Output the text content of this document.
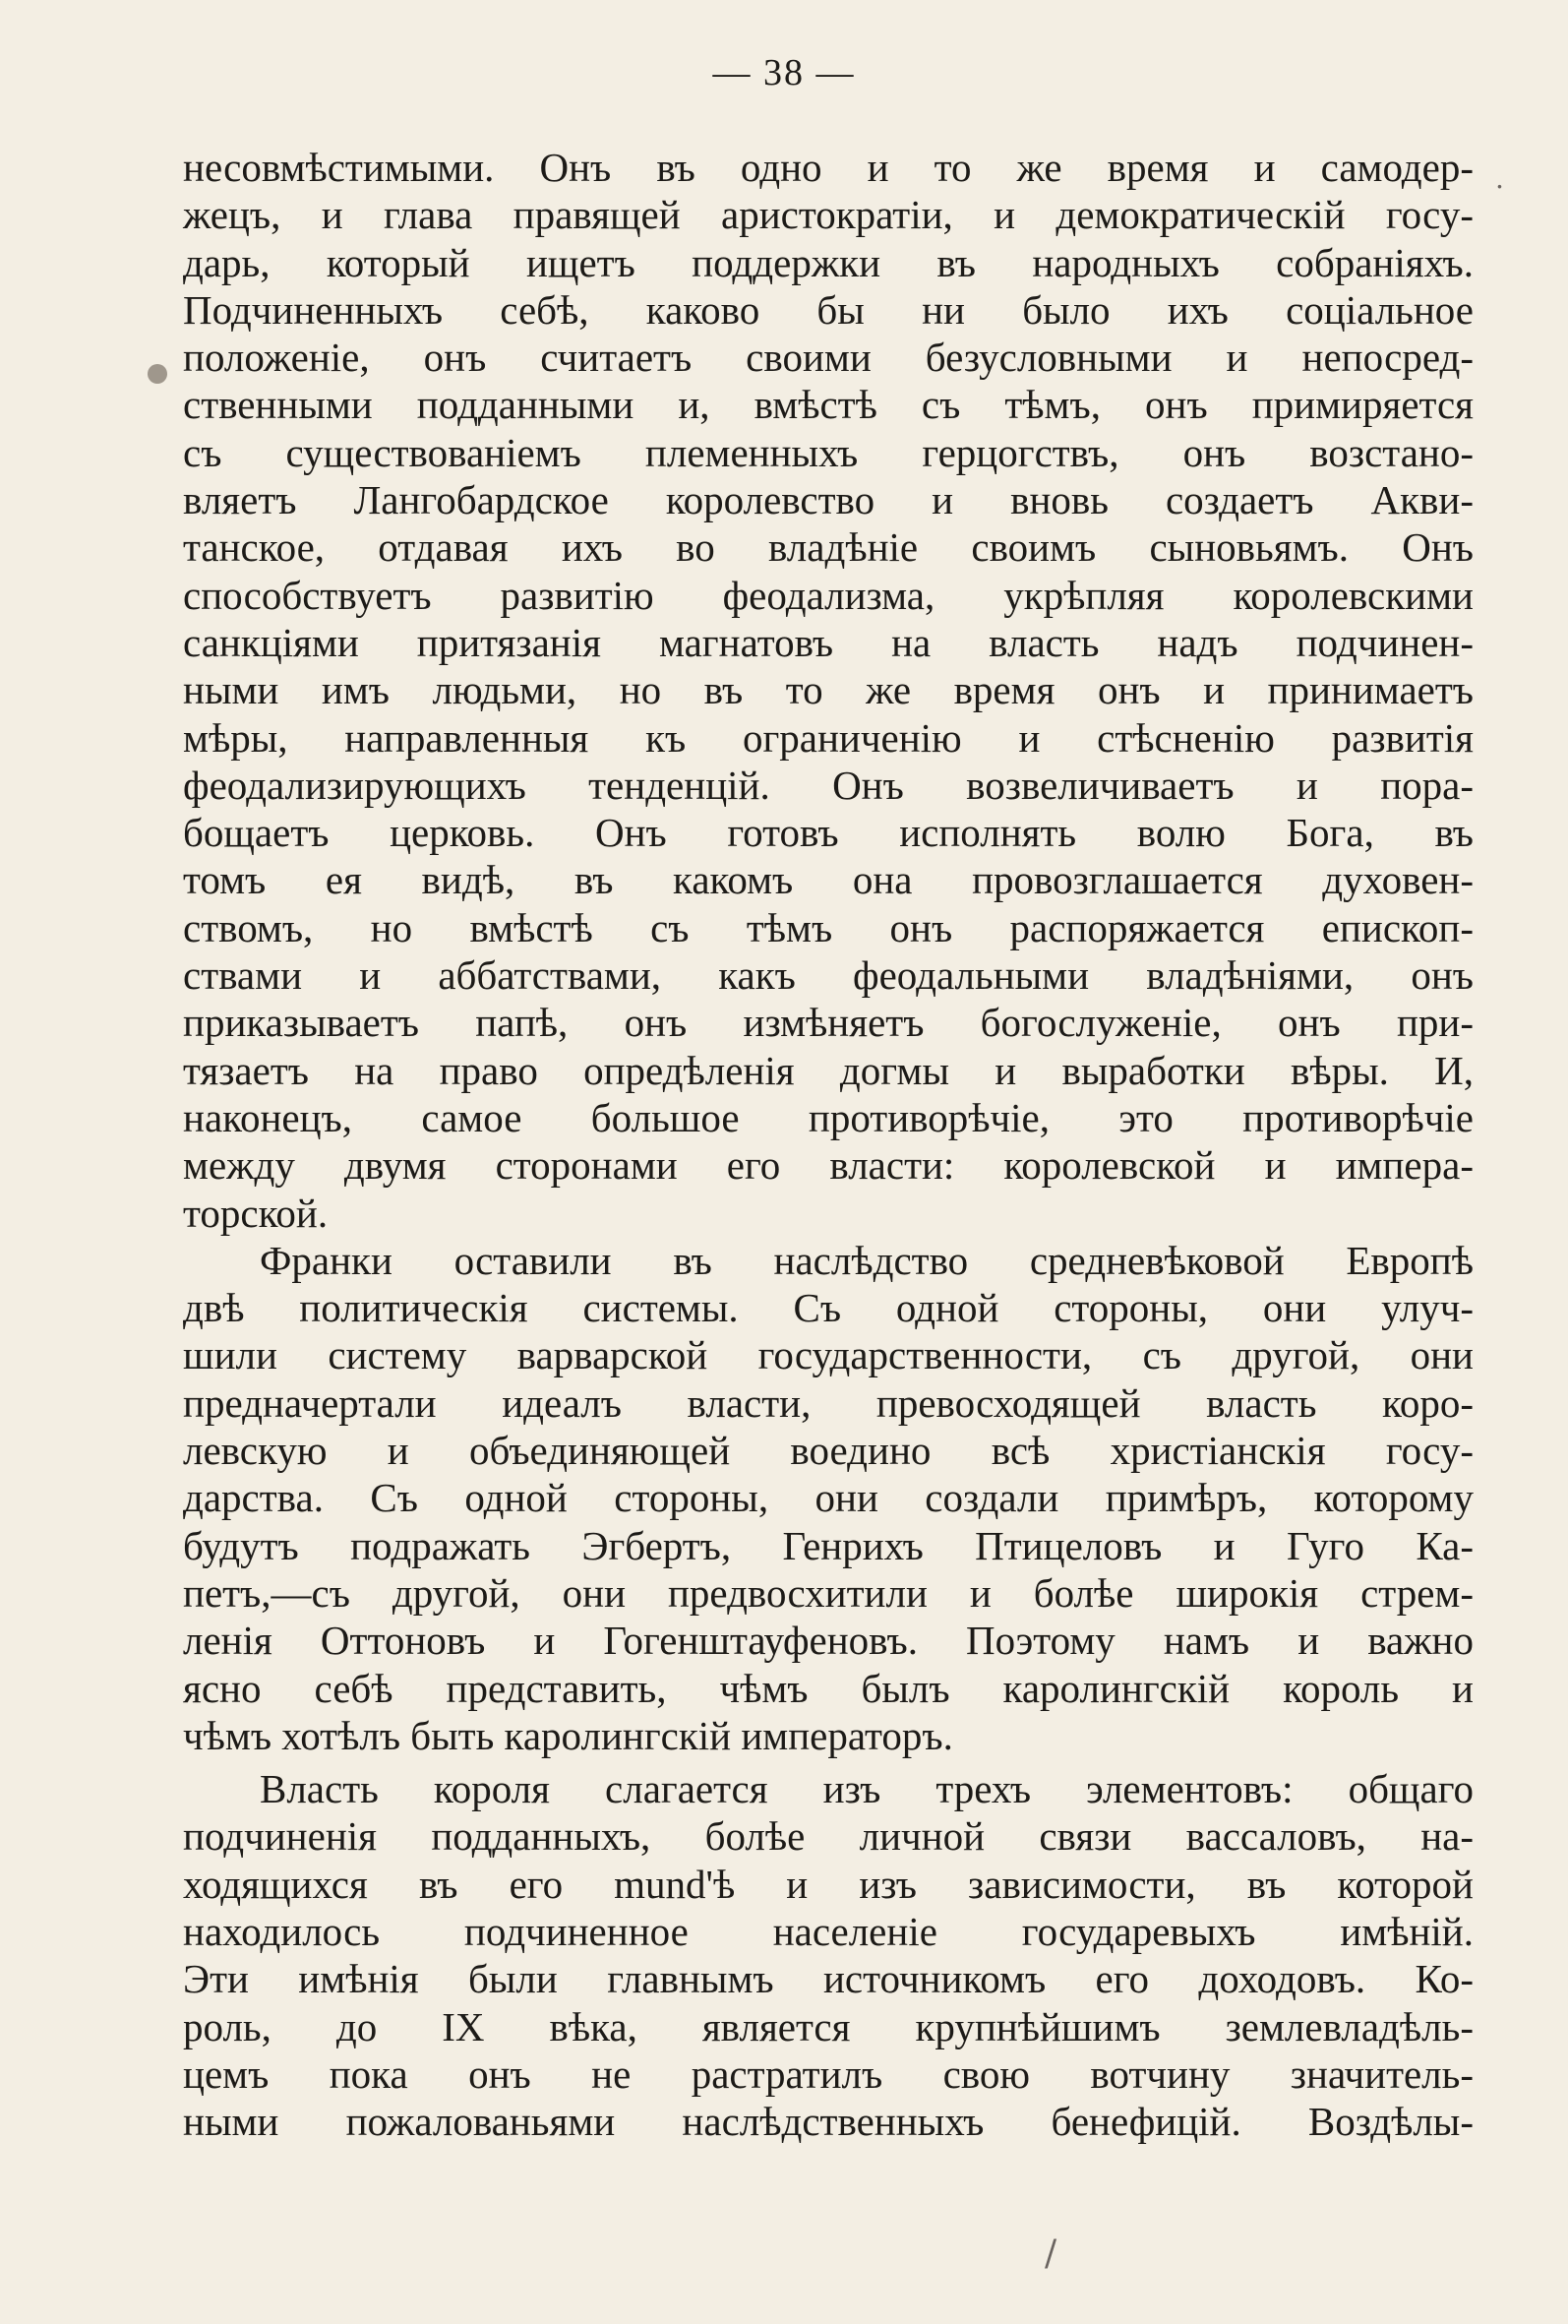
.
/
— 38 —
несовмѣстимыми. Онъ въ одно и то же время и самодер-
жецъ, и глава правящей аристократіи, и демократическій госу-
дарь, который ищетъ поддержки въ народныхъ собраніяхъ.
Подчиненныхъ себѣ, каково бы ни было ихъ соціальное
положеніе, онъ считаетъ своими безусловными и непосред-
ственными подданными и, вмѣстѣ съ тѣмъ, онъ примиряется
съ существованіемъ племенныхъ герцогствъ, онъ возстано-
вляетъ Лангобардское королевство и вновь создаетъ Акви-
танское, отдавая ихъ во владѣніе своимъ сыновьямъ. Онъ
способствуетъ развитію феодализма, укрѣпляя королевскими
санкціями притязанія магнатовъ на власть надъ подчинен-
ными имъ людьми, но въ то же время онъ и принимаетъ
мѣры, направленныя къ ограниченію и стѣсненію развитія
феодализирующихъ тенденцій. Онъ возвеличиваетъ и пора-
бощаетъ церковь. Онъ готовъ исполнять волю Бога, въ
томъ ея видѣ, въ какомъ она провозглашается духовен-
ствомъ, но вмѣстѣ съ тѣмъ онъ распоряжается епископ-
ствами и аббатствами, какъ феодальными владѣніями, онъ
приказываетъ папѣ, онъ измѣняетъ богослуженіе, онъ при-
тязаетъ на право опредѣленія догмы и выработки вѣры. И,
наконецъ, самое большое противорѣчіе, это противорѣчіе
между двумя сторонами его власти: королевской и импера-
торской.
Франки оставили въ наслѣдство средневѣковой Европѣ
двѣ политическія системы. Съ одной стороны, они улуч-
шили систему варварской государственности, съ другой, они
предначертали идеалъ власти, превосходящей власть коро-
левскую и объединяющей воедино всѣ христіанскія госу-
дарства. Съ одной стороны, они создали примѣръ, которому
будутъ подражать Эгбертъ, Генрихъ Птицеловъ и Гуго Ка-
петъ,—съ другой, они предвосхитили и болѣе широкія стрем-
ленія Оттоновъ и Гогенштауфеновъ. Поэтому намъ и важно
ясно себѣ представить, чѣмъ былъ каролингскій король и
чѣмъ хотѣлъ быть каролингскій императоръ.
Власть короля слагается изъ трехъ элементовъ: общаго
подчиненія подданныхъ, болѣе личной связи вассаловъ, на-
ходящихся въ его mund'ѣ и изъ зависимости, въ которой
находилось подчиненное населеніе государевыхъ имѣній.
Эти имѣнія были главнымъ источникомъ его доходовъ. Ко-
роль, до IX вѣка, является крупнѣйшимъ землевладѣль-
цемъ пока онъ не растратилъ свою вотчину значитель-
ными пожалованьями наслѣдственныхъ бенефицій. Воздѣлы-
